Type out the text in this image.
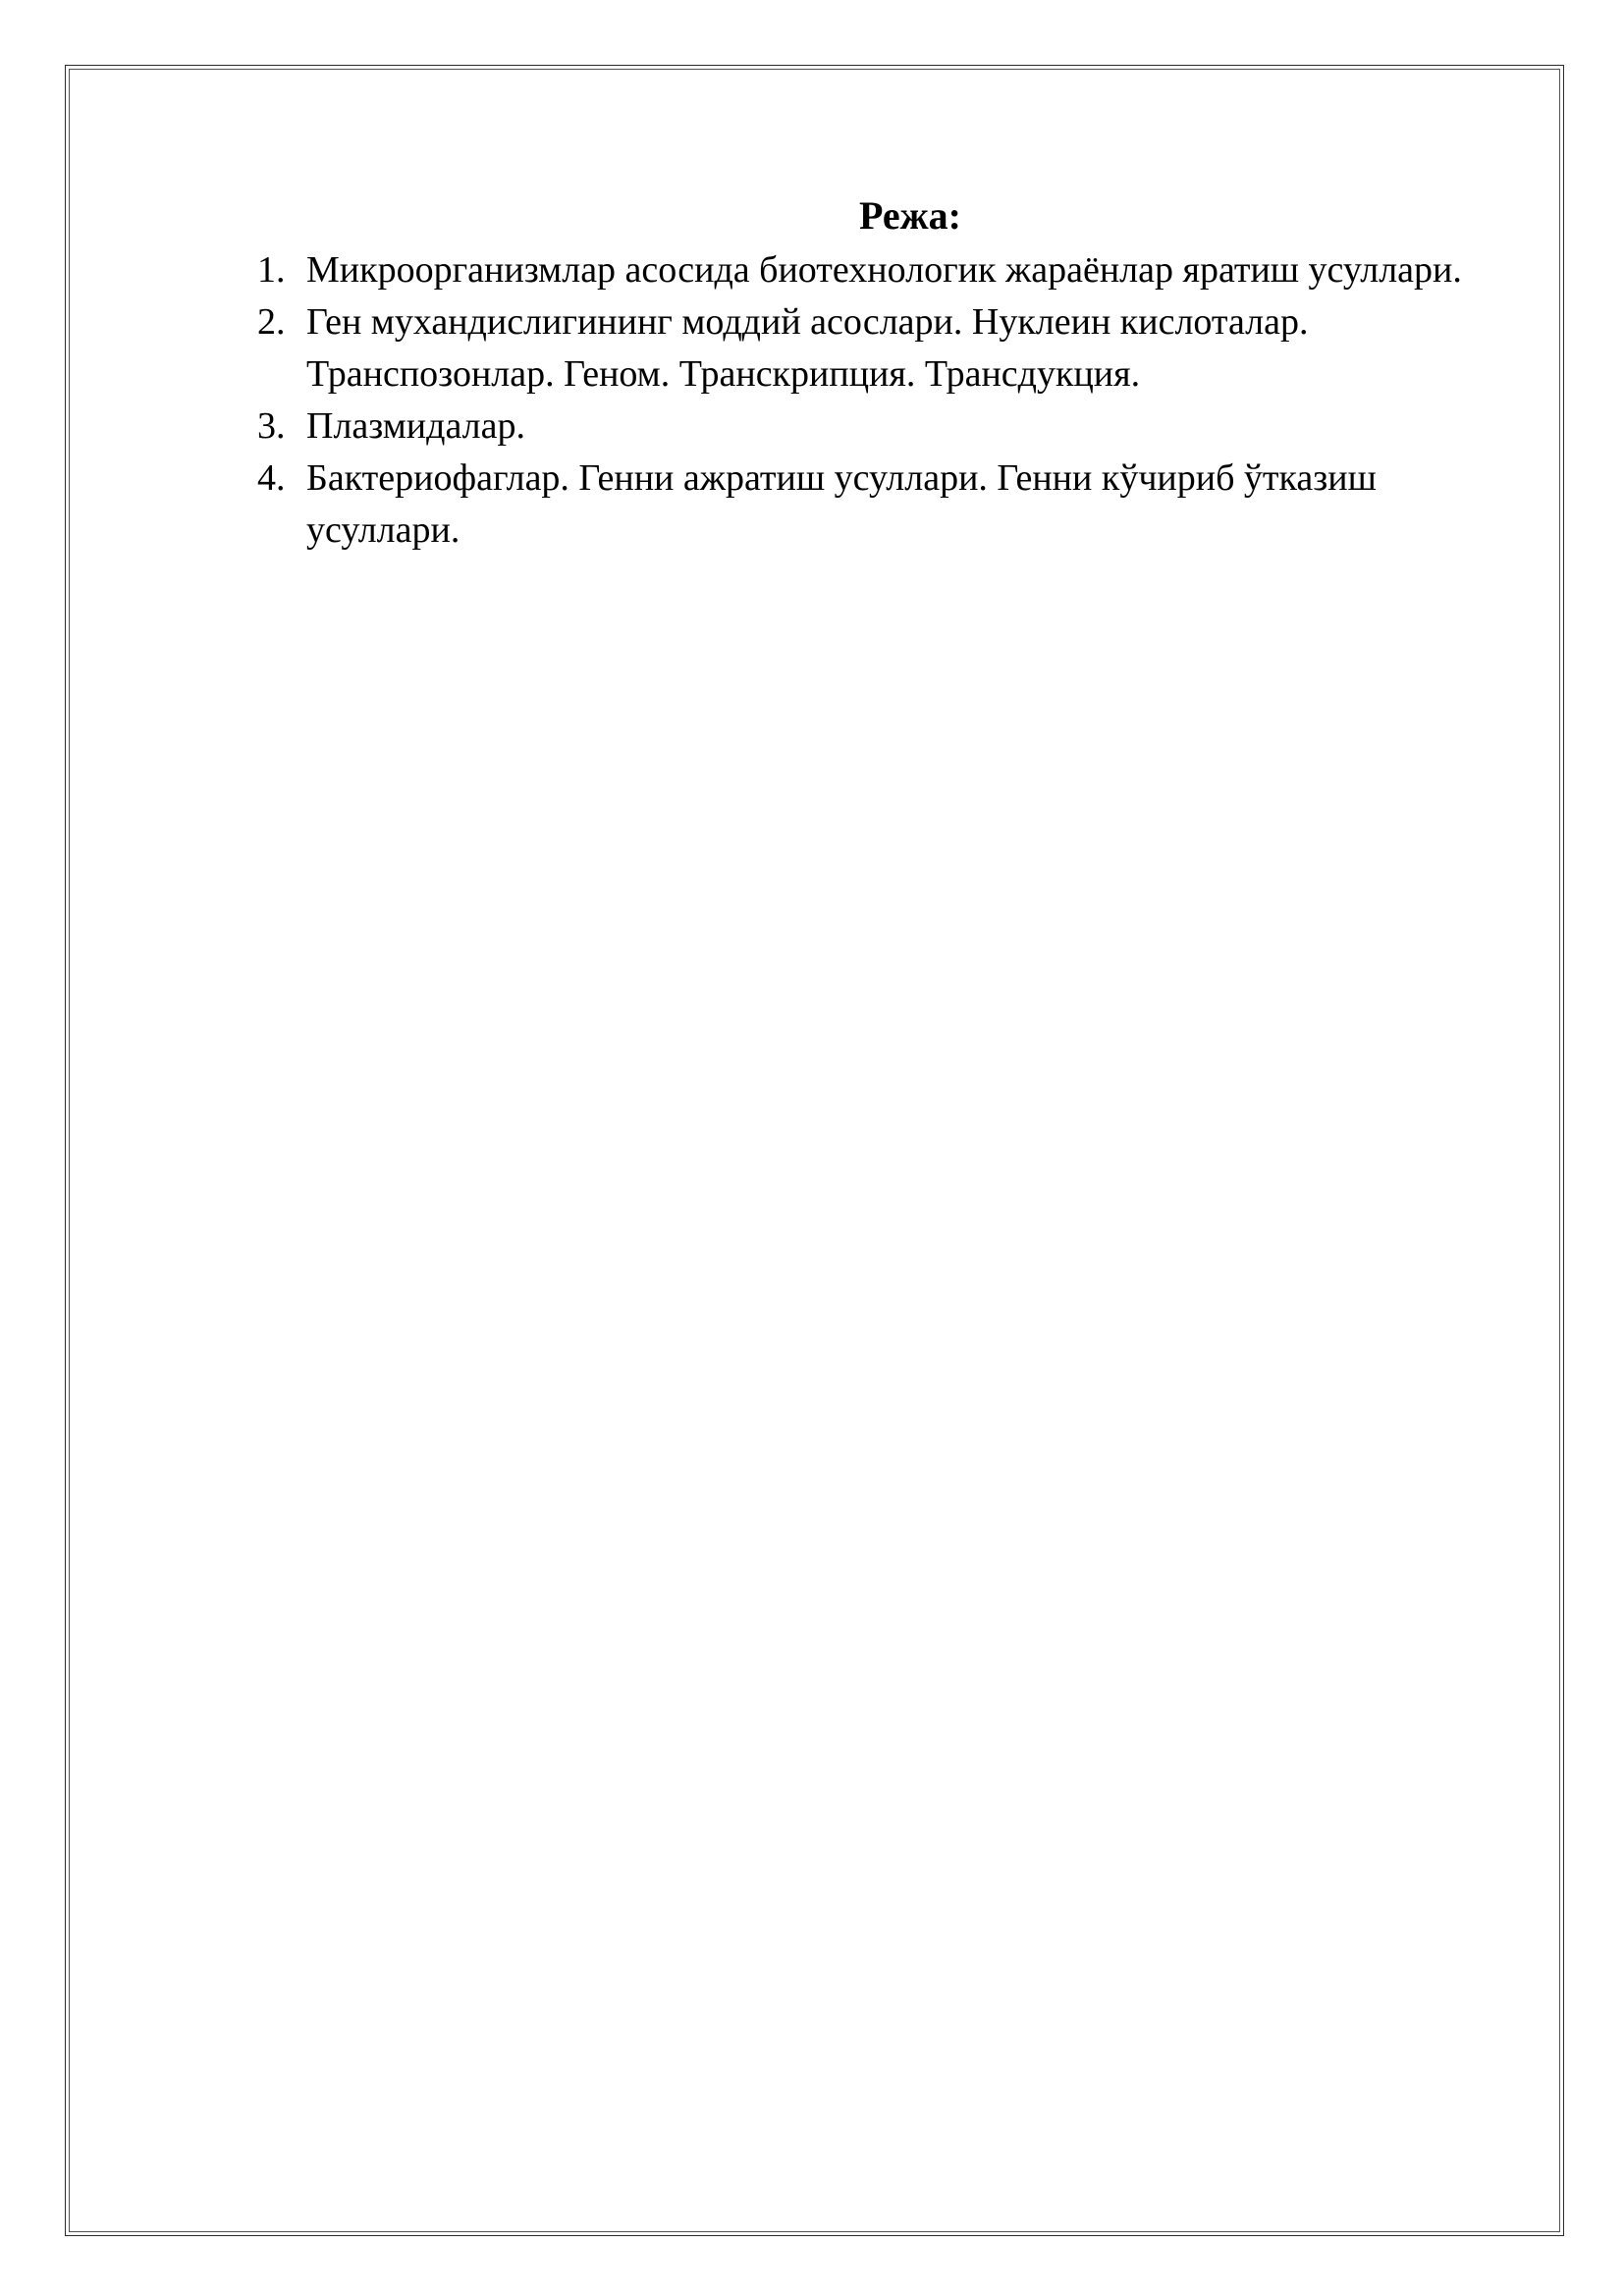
Режа:
1. Микроорганизмлар асосида биотехнологик жараёнлар яратиш усуллари.
2. Ген мухандислигининг моддий асослари. Нуклеин кислоталар. Транспозонлар. Геном. Транскрипция. Трансдукция.
3. Плазмидалар.
4. Бактериофаглар. Генни ажратиш усуллари. Генни кўчириб ўтказиш усуллари.
